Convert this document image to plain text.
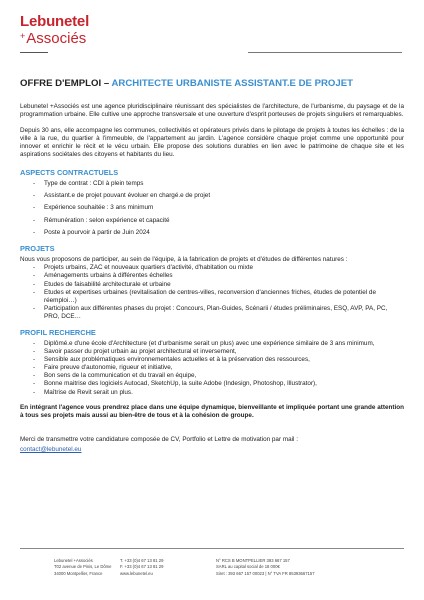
Lebunetel
+Associés
OFFRE D'EMPLOI – ARCHITECTE URBANISTE ASSISTANT.E DE PROJET

Lebunetel +Associés est une agence pluridisciplinaire réunissant des spécialistes de l'architecture, de l'urbanisme, du paysage et de la programmation urbaine. Elle cultive une approche transversale et une ouverture d'esprit porteuses de projets singuliers et remarquables.

Depuis 30 ans, elle accompagne les communes, collectivités et opérateurs privés dans le pilotage de projets à toutes les échelles : de la ville à la rue, du quartier à l'immeuble, de l'appartement au jardin. L'agence considère chaque projet comme une opportunité pour innover et enrichir le récit et le vécu urbain. Elle propose des solutions durables en lien avec le patrimoine de chaque site et les aspirations sociétales des citoyens et habitants du lieu.

ASPECTS CONTRACTUELS
- Type de contrat : CDI à plein temps
- Assistant.e de projet pouvant évoluer en chargé.e de projet
- Expérience souhaitée : 3 ans minimum
- Rémunération : selon expérience et capacité
- Poste à pourvoir à partir de Juin 2024
PROJETS
Nous vous proposons de participer, au sein de l'équipe, à la fabrication de projets et d'études de différentes natures :
- Projets urbains, ZAC et nouveaux quartiers d'activité, d'habitation ou mixte
- Aménagements urbains à différentes échelles
- Etudes de faisabilité architecturale et urbaine
- Etudes et expertises urbaines (revitalisation de centres-villes, reconversion d'anciennes friches, études de potentiel de réemploi…)
- Participation aux différentes phases du projet : Concours, Plan-Guides, Scénarii / études préliminaires, ESQ, AVP, PA, PC, PRO, DCE…
PROFIL RECHERCHE
- Diplômé.e d'une école d'Architecture (et d'urbanisme serait un plus) avec une expérience similaire de 3 ans minimum,
- Savoir passer du projet urbain au projet architectural et inversement,
- Sensible aux problématiques environnementales actuelles et à la préservation des ressources,
- Faire preuve d'autonomie, rigueur et initiative,
- Bon sens de la communication et du travail en équipe,
- Bonne maitrise des logiciels Autocad, SketchUp, la suite Adobe (Indesign, Photoshop, Illustrator),
- Maîtrise de Revit serait un plus.

En intégrant l'agence vous prendrez place dans une équipe dynamique, bienveillante et impliquée portant une grande attention à tous ses projets mais aussi au bien-être de tous et à la cohésion de groupe.

Merci de transmettre votre candidature composée de CV, Portfolio et Lettre de motivation par mail :
contact@lebunetel.eu
Lebunetel +Associés
T02 avenue de Pinis, Le Dôme
34000 Montpellier, France
T. +33 (0)4 67 13 81 29
F. +33 (0)4 67 13 81 29
www.lebunetel.eu
N° RCS B MONTPELLIER 393 667 157
SARL au capital social de 18 000€
Siret : 393 667 157 00023 | N° TVA FR 85393667157
